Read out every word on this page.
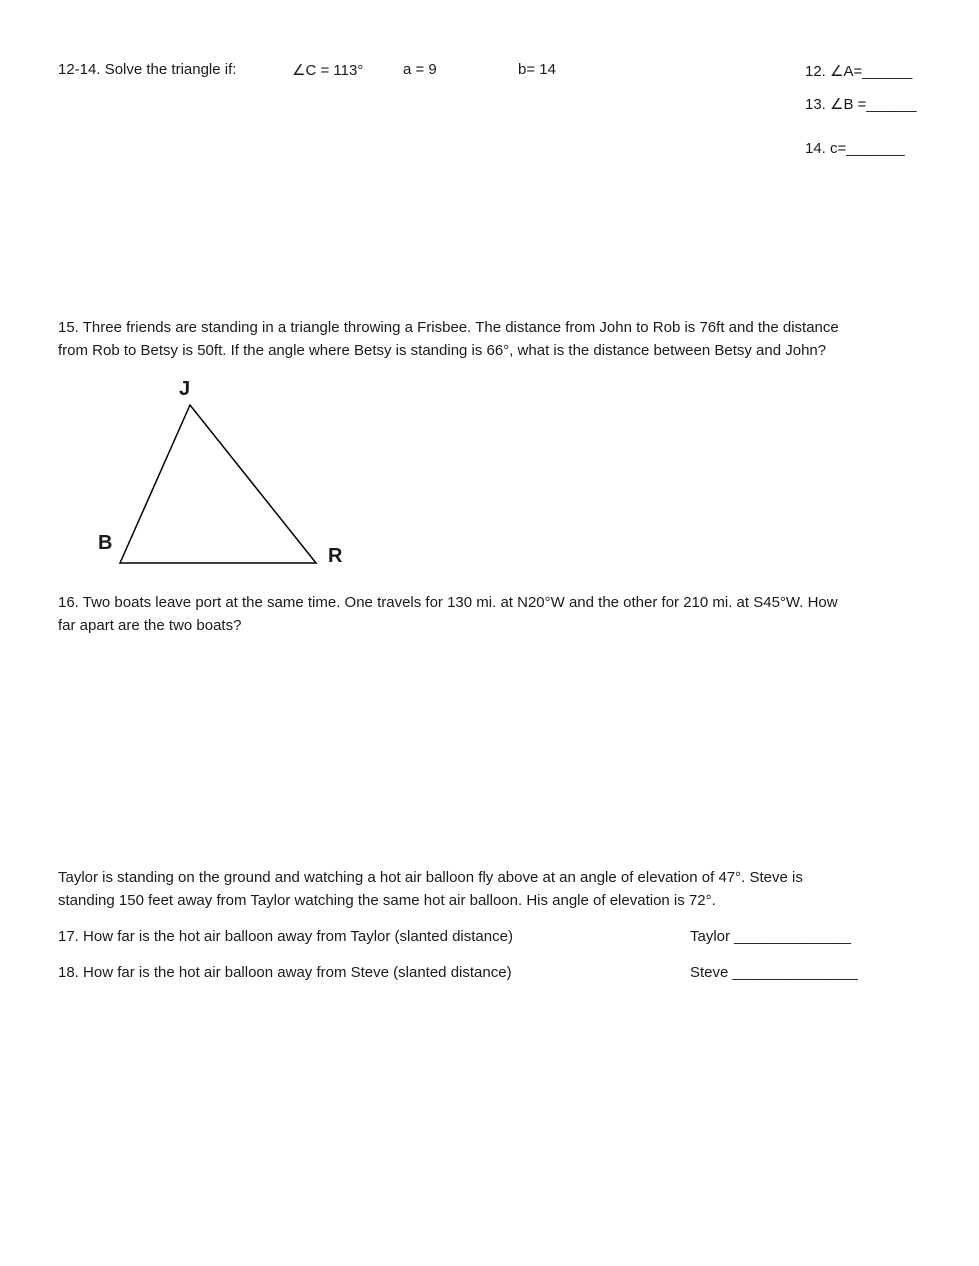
12-14. Solve the triangle if:	∠C = 113°	a = 9	b= 14	12. ∠A=______
13. ∠B =______
14. c=_______

15. Three friends are standing in a triangle throwing a Frisbee. The distance from John to Rob is 76ft and the distance

from Rob to Betsy is 50ft. If the angle where Betsy is standing is 66°, what is the distance between Betsy and John?

J
B
R

16. Two boats leave port at the same time. One travels for 130 mi. at N20°W and the other for 210 mi. at S45°W. How

far apart are the two boats?

Taylor is standing on the ground and watching a hot air balloon fly above at an angle of elevation of 47°. Steve is

standing 150 feet away from Taylor watching the same hot air balloon. His angle of elevation is 72°.

17. How far is the hot air balloon away from Taylor (slanted distance)	Taylor ______________
18. How far is the hot air balloon away from Steve (slanted distance)	Steve _______________
